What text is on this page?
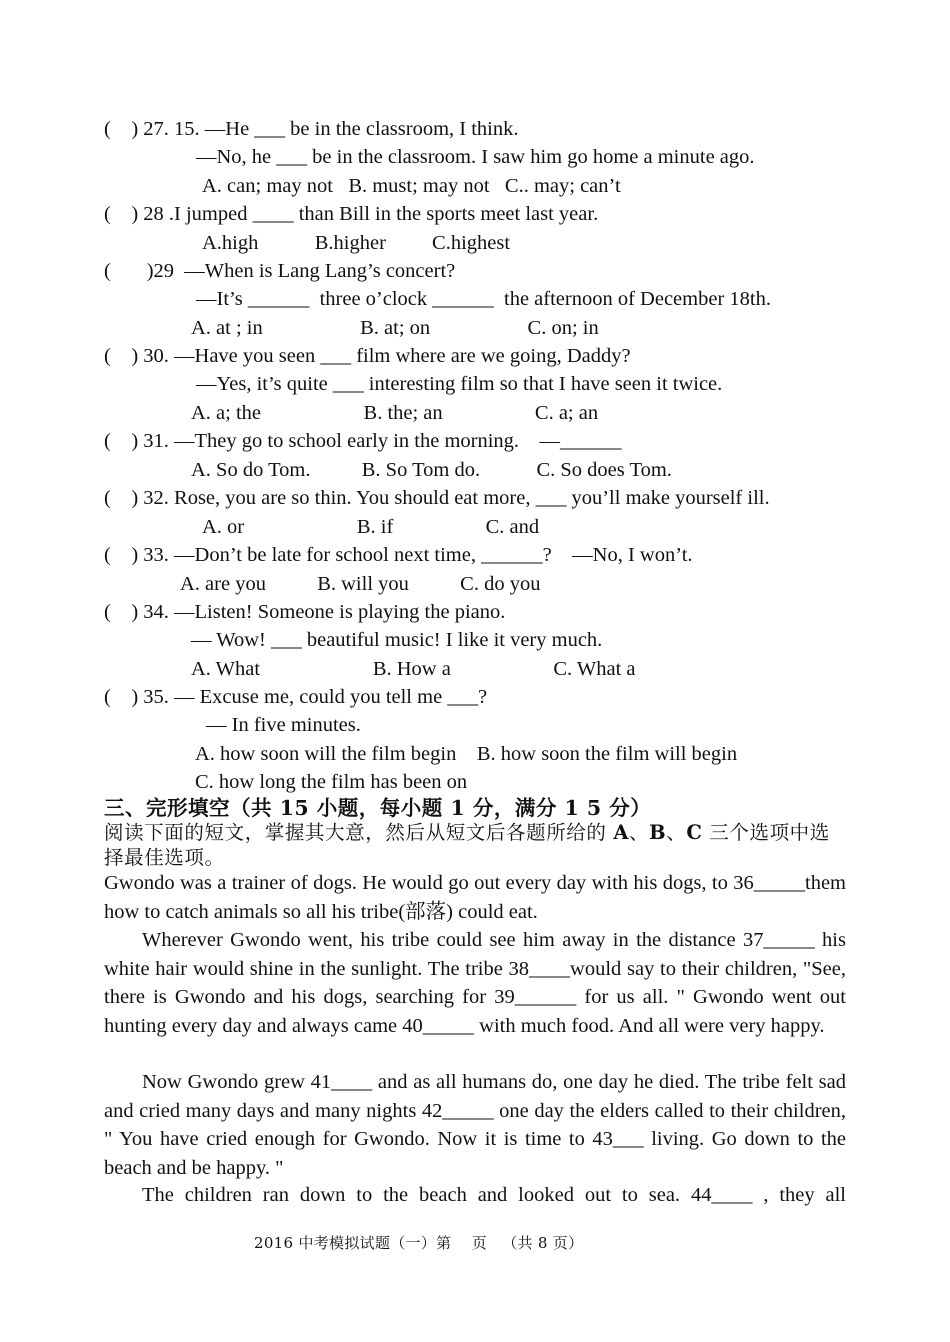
(    ) 27. 15. —He ___ be in the classroom, I think.
—No, he ___ be in the classroom. I saw him go home a minute ago.
A. can; may not   B. must; may not   C.. may; can’t
(    ) 28 .I jumped ____ than Bill in the sports meet last year.
A.high           B.higher         C.highest
(       )29  —When is Lang Lang’s concert?
—It’s ______  three o’clock ______  the afternoon of December 18th.
A. at ; in                   B. at; on                   C. on; in
(    ) 30. —Have you seen ___ film where are we going, Daddy?
—Yes, it’s quite ___ interesting film so that I have seen it twice.
A. a; the                    B. the; an                  C. a; an
(    ) 31. —They go to school early in the morning.    —______
A. So do Tom.          B. So Tom do.           C. So does Tom.
(    ) 32. Rose, you are so thin. You should eat more, ___ you’ll make yourself ill.
A. or                      B. if                  C. and
(    ) 33. —Don’t be late for school next time, ______?    —No, I won’t.
A. are you          B. will you          C. do you
(    ) 34. —Listen! Someone is playing the piano.
— Wow! ___ beautiful music! I like it very much.
A. What                      B. How a                    C. What a
(    ) 35. — Excuse me, could you tell me ___?
— In five minutes.
A. how soon will the film begin    B. how soon the film will begin
C. how long the film has been on
三、完形填空（共 15 小题，每小题 1 分，满分 1 5 分）
阅读下面的短文，掌握其大意，然后从短文后各题所给的 A、B、C 三个选项中选择最佳选项。
Gwondo was a trainer of dogs. He would go out every day with his dogs, to 36_____them how to catch animals so all his tribe(部落) could eat.
Wherever Gwondo went, his tribe could see him away in the distance 37_____ his white hair would shine in the sunlight. The tribe 38____would say to their children, "See, there is Gwondo and his dogs, searching for 39______ for us all. " Gwondo went out hunting every day and always came 40_____ with much food. And all were very happy.
Now Gwondo grew 41____ and as all humans do, one day he died. The tribe felt sad and cried many days and many nights 42_____ one day the elders called to their children, " You have cried enough for Gwondo. Now it is time to 43___ living. Go down to the beach and be happy. "
The children ran down to the beach and looked out to sea. 44____ , they all
2016 中考模拟试题（一）第    页   （共 8 页）
